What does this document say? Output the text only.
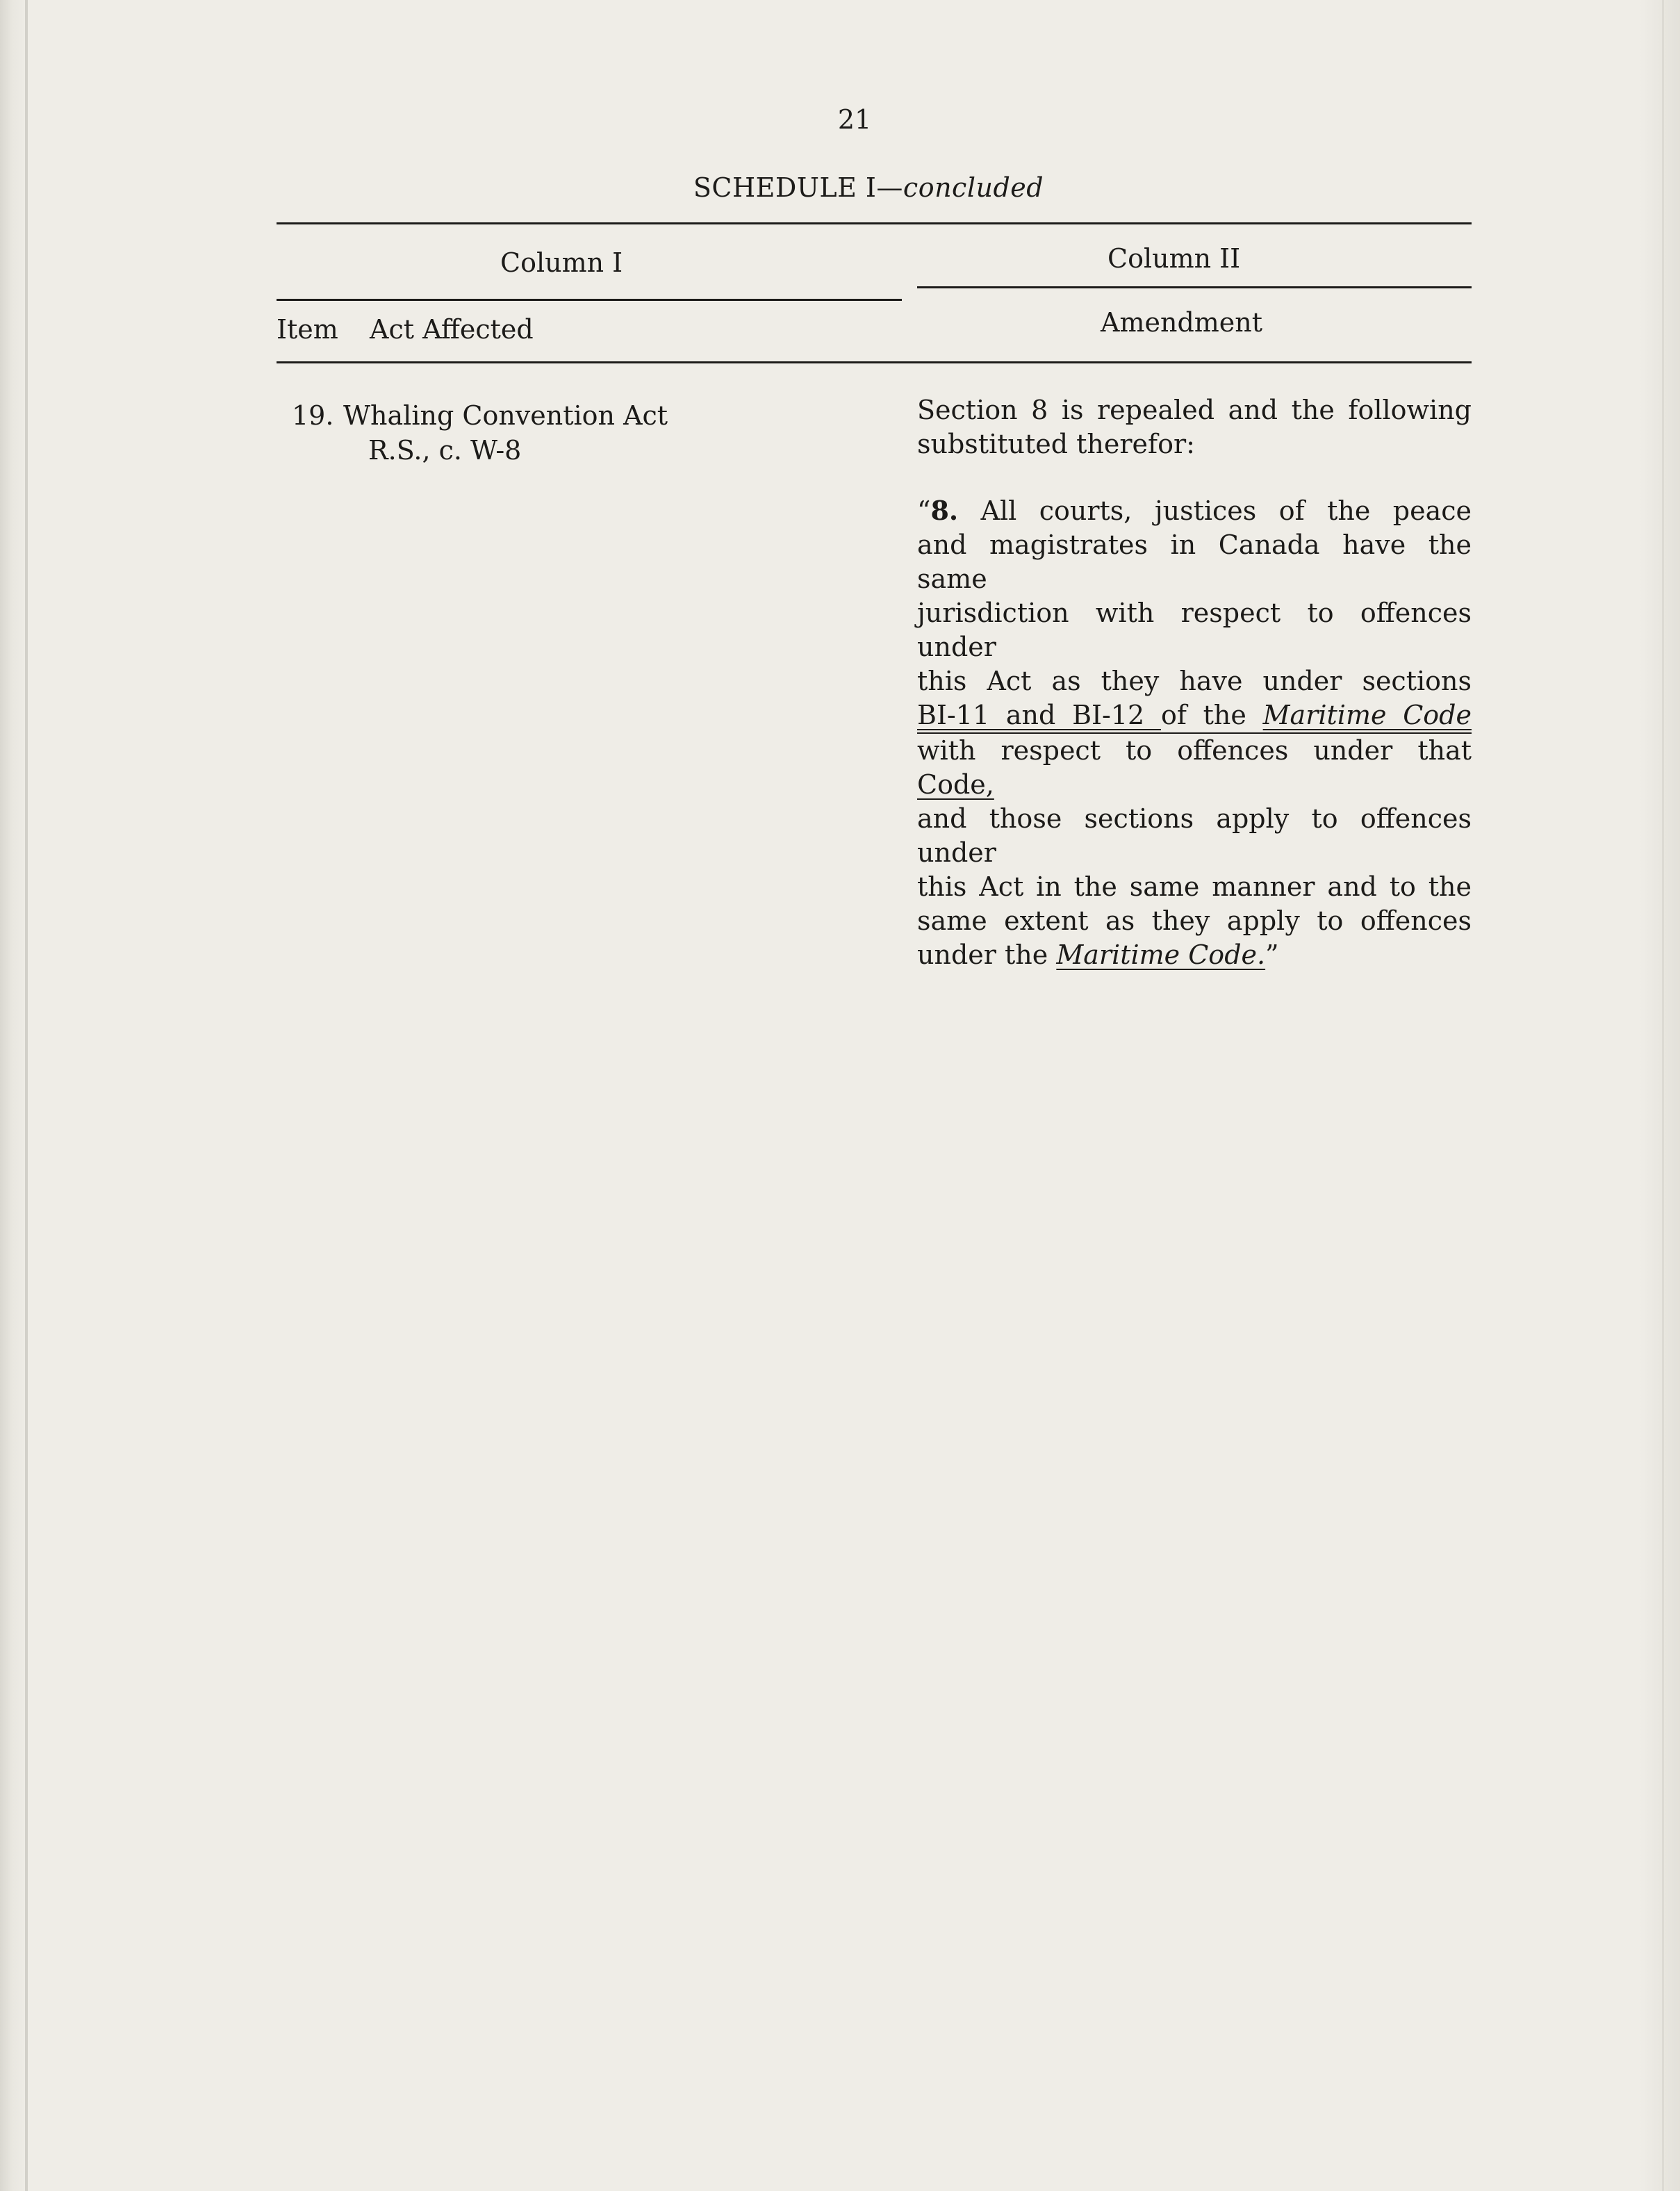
21
SCHEDULE I—concluded
Column I	Column II
Item Act Affected	Amendment
19. Whaling Convention Act
R.S., c. W-8

Section 8 is repealed and the following

substituted therefor:

“8. All courts, justices of the peace

and magistrates in Canada have the same

jurisdiction with respect to offences under

this Act as they have under sections

BI-11 and BI-12 of the Maritime Code

with respect to offences under that Code,

and those sections apply to offences under

this Act in the same manner and to the

same extent as they apply to offences

under the Maritime Code.”
